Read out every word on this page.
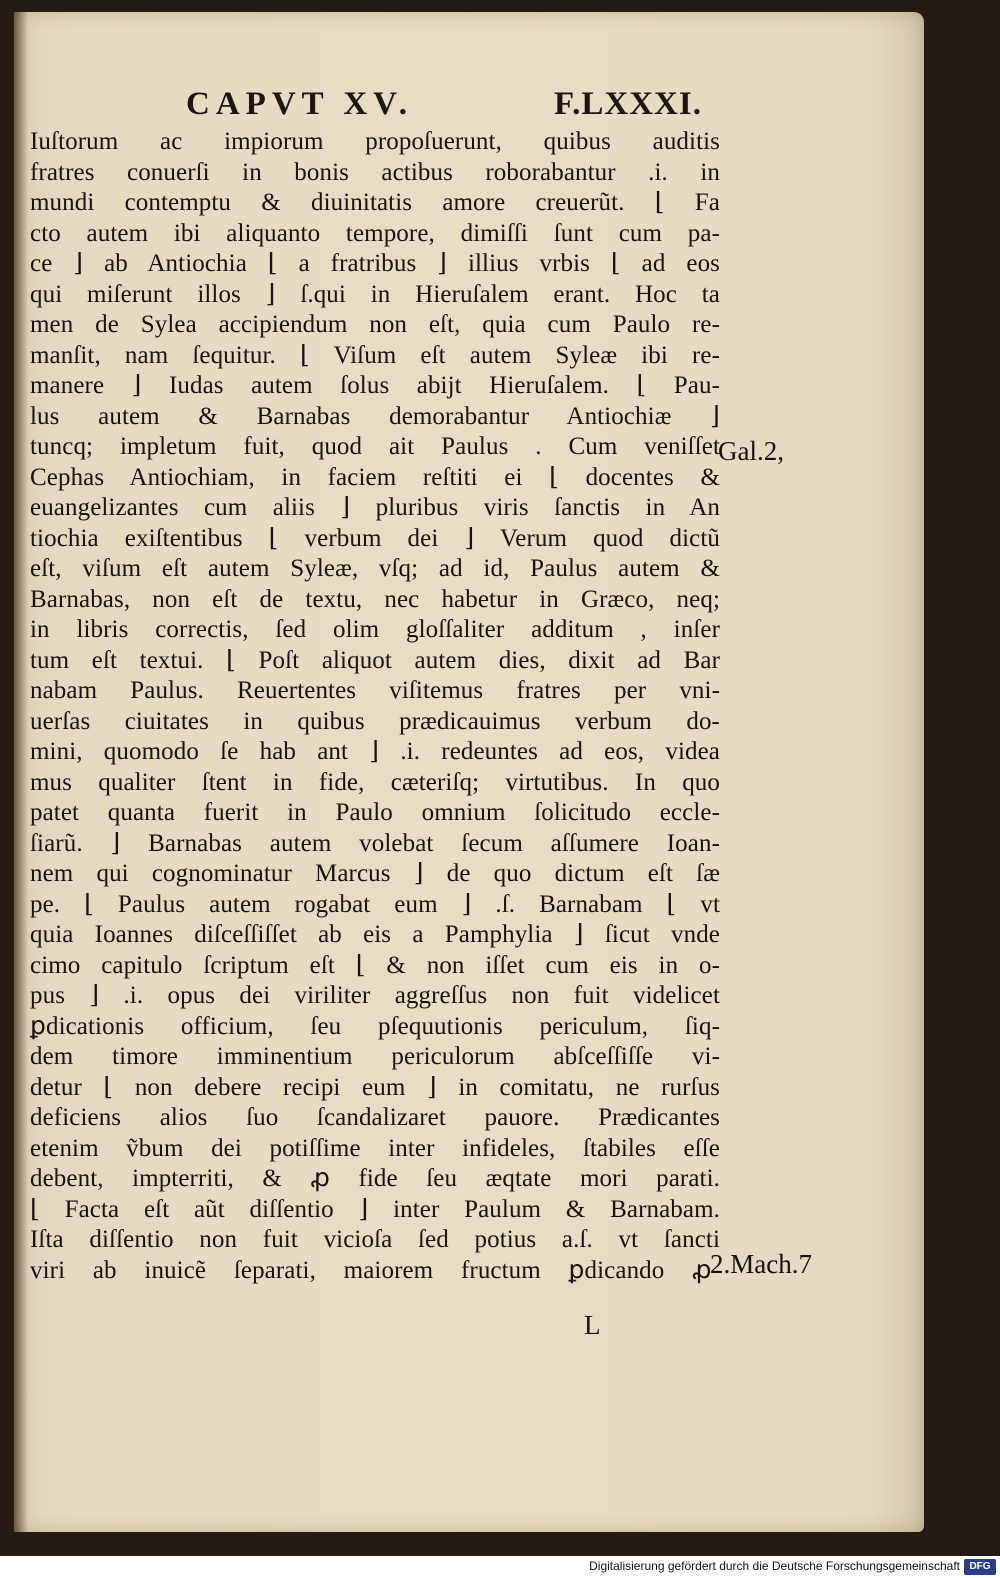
CAPVT XV.	F.LXXXI.
Iuſtorum ac impiorum propoſuerunt, quibus auditis
fratres conuerſi in bonis actibus roborabantur .i. in
mundi contemptu & diuinitatis amore creuerũt. ⌊ Fa
cto autem ibi aliquanto tempore, dimiſſi ſunt cum pa-
ce ⌋ ab Antiochia ⌊ a fratribus ⌋ illius vrbis ⌊ ad eos
qui miſerunt illos ⌋ ſ.qui in Hieruſalem erant. Hoc ta
men de Sylea accipiendum non eſt, quia cum Paulo re-
manſit, nam ſequitur. ⌊ Viſum eſt autem Syleæ ibi re-
manere ⌋ Iudas autem ſolus abijt Hieruſalem. ⌊ Pau-
lus autem & Barnabas demorabantur Antiochiæ ⌋
tuncq; impletum fuit, quod ait Paulus . Cum veniſſet
Cephas Antiochiam, in faciem reſtiti ei ⌊ docentes &
euangelizantes cum aliis ⌋ pluribus viris ſanctis in An
tiochia exiſtentibus ⌊ verbum dei ⌋ Verum quod dictũ
eſt, viſum eſt autem Syleæ, vſq; ad id, Paulus autem &
Barnabas, non eſt de textu, nec habetur in Græco, neq;
in libris correctis, ſed olim gloſſaliter additum , inſer
tum eſt textui. ⌊ Poſt aliquot autem dies, dixit ad Bar
nabam Paulus. Reuertentes viſitemus fratres per vni-
uerſas ciuitates in quibus prædicauimus verbum do-
mini, quomodo ſe hab ant ⌋ .i. redeuntes ad eos, videa
mus qualiter ſtent in fide, cæteriſq; virtutibus. In quo
patet quanta fuerit in Paulo omnium ſolicitudo eccle-
ſiarũ. ⌋ Barnabas autem volebat ſecum aſſumere Ioan-
nem qui cognominatur Marcus ⌋ de quo dictum eſt ſæ
pe. ⌊ Paulus autem rogabat eum ⌋ .ſ. Barnabam ⌊ vt
quia Ioannes diſceſſiſſet ab eis a Pamphylia ⌋ ſicut vnde
cimo capitulo ſcriptum eſt ⌊ & non iſſet cum eis in o-
pus ⌋ .i. opus dei viriliter aggreſſus non fuit videlicet
ꝑdicationis officium, ſeu pſequutionis periculum, ſiq-
dem timore imminentium periculorum abſceſſiſſe vi-
detur ⌊ non debere recipi eum ⌋ in comitatu, ne rurſus
deficiens alios ſuo ſcandalizaret pauore. Prædicantes
etenim ṽbum dei potiſſime inter infideles, ſtabiles eſſe
debent, impterriti, & ꝓ fide ſeu æqtate mori parati.
⌊ Facta eſt aũt diſſentio ⌋ inter Paulum & Barnabam.
Iſta diſſentio non fuit vicioſa ſed potius a.ſ. vt ſancti
viri ab inuicẽ ſeparati, maiorem fructum ꝑdicando ꝓ-
Gal.2,
2.Mach.7
L
Digitalisierung gefördert durch die Deutsche Forschungsgemeinschaft DFG
